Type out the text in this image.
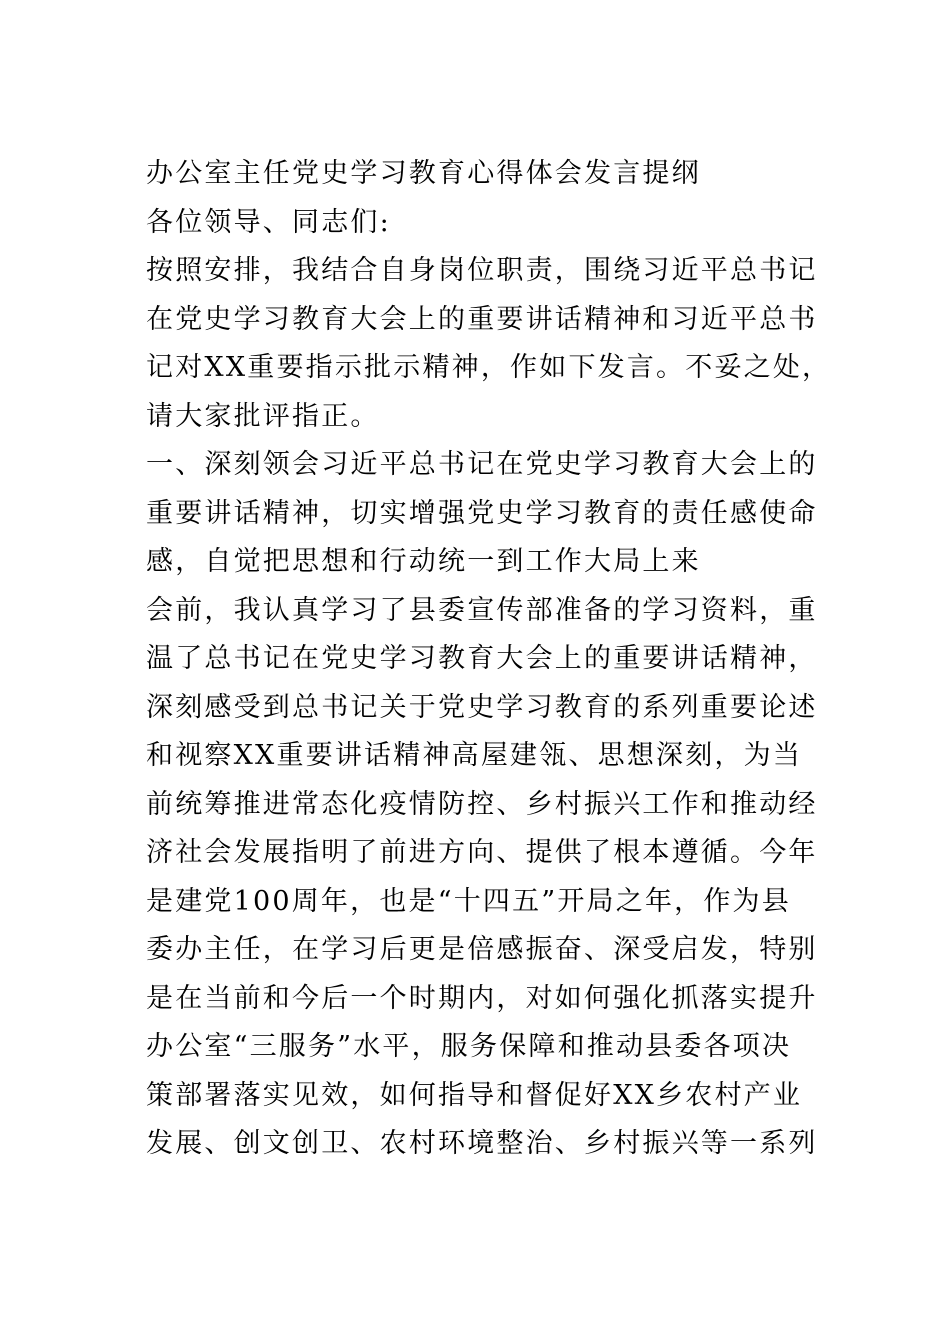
办公室主任党史学习教育心得体会发言提纲
各位领导、同志们:
按照安排，我结合自身岗位职责，围绕习近平总书记
在党史学习教育大会上的重要讲话精神和习近平总书
记对XX重要指示批示精神，作如下发言。不妥之处，
请大家批评指正。
一、深刻领会习近平总书记在党史学习教育大会上的
重要讲话精神，切实增强党史学习教育的责任感使命
感，自觉把思想和行动统一到工作大局上来
会前，我认真学习了县委宣传部准备的学习资料，重
温了总书记在党史学习教育大会上的重要讲话精神，
深刻感受到总书记关于党史学习教育的系列重要论述
和视察XX重要讲话精神高屋建瓴、思想深刻，为当
前统筹推进常态化疫情防控、乡村振兴工作和推动经
济社会发展指明了前进方向、提供了根本遵循。今年
是建党100周年，也是“十四五”开局之年，作为县
委办主任，在学习后更是倍感振奋、深受启发，特别
是在当前和今后一个时期内，对如何强化抓落实提升
办公室“三服务”水平，服务保障和推动县委各项决
策部署落实见效，如何指导和督促好XX乡农村产业
发展、创文创卫、农村环境整治、乡村振兴等一系列
